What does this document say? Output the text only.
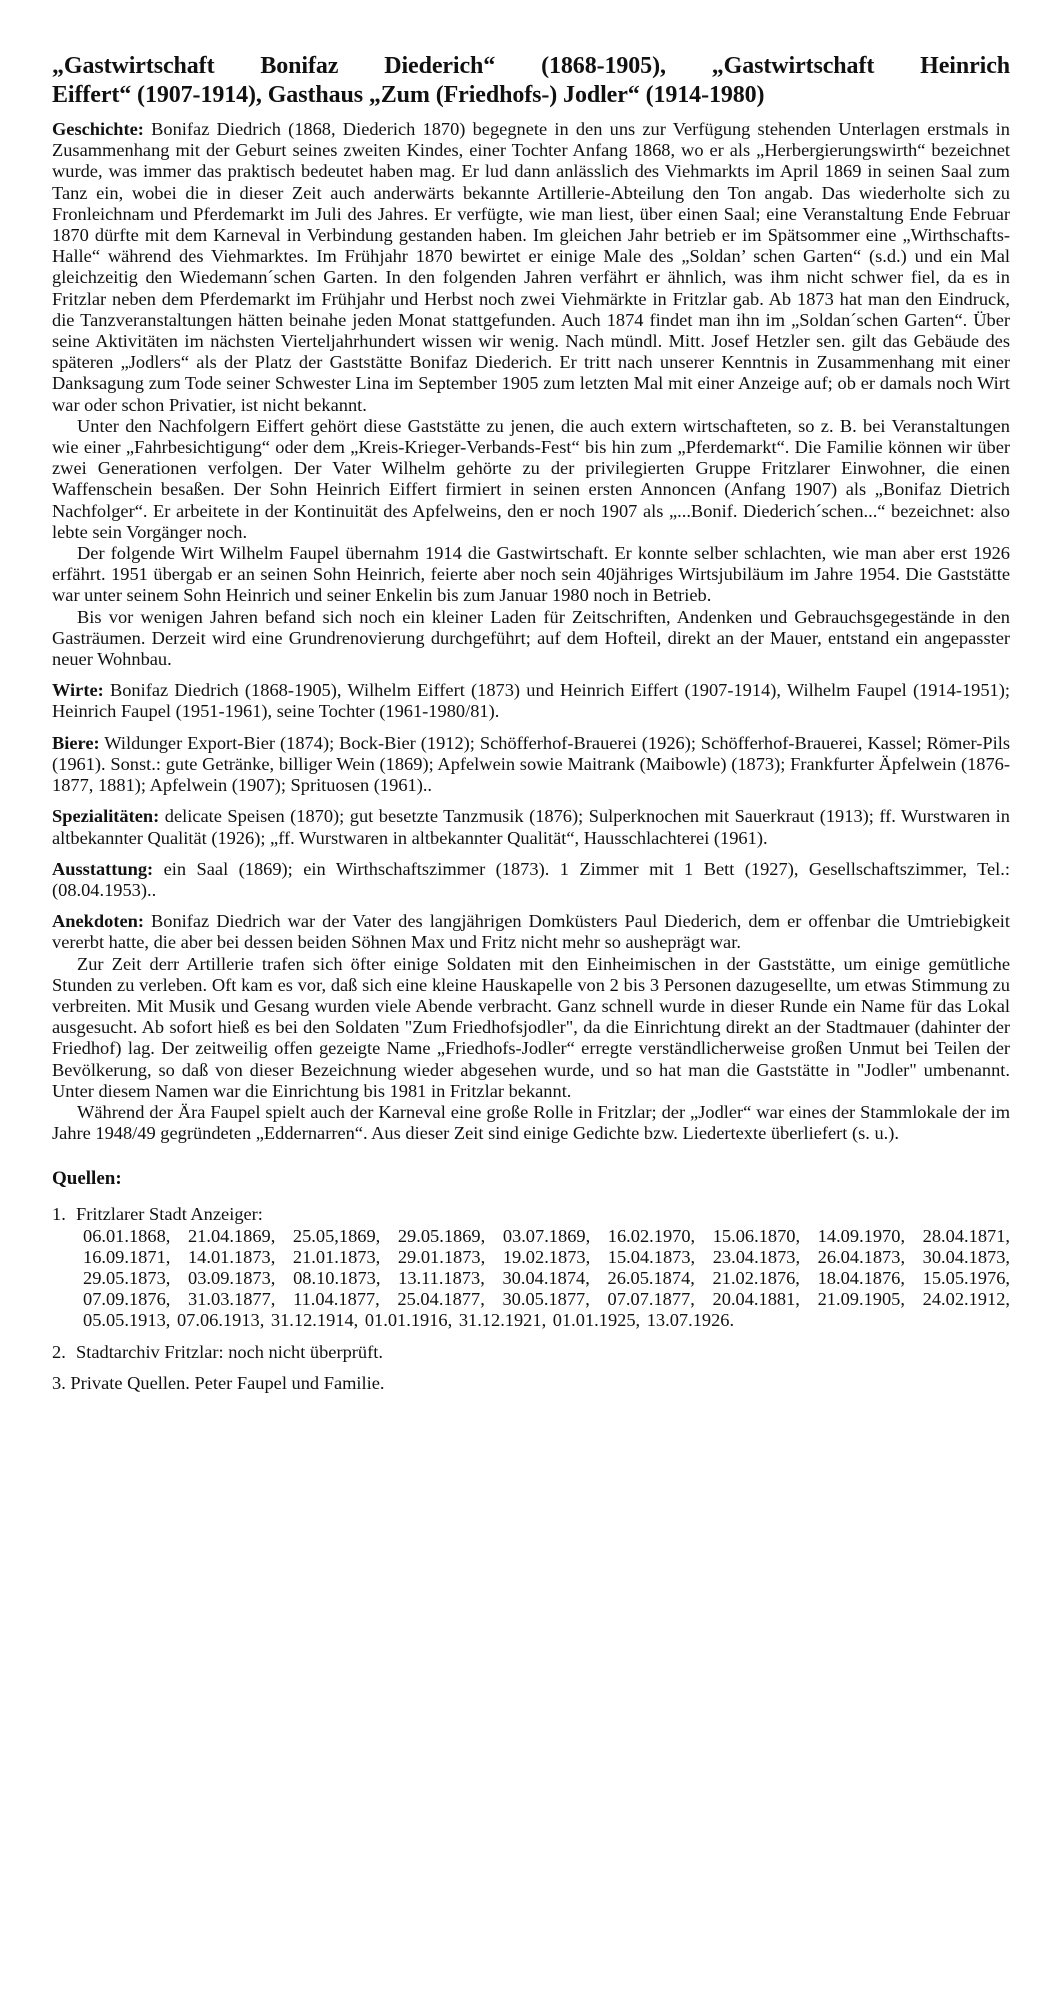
„Gastwirtschaft Bonifaz Diederich“ (1868-1905), „Gastwirtschaft Heinrich
Eiffert“ (1907-1914), Gasthaus „Zum (Friedhofs-) Jodler“ (1914-1980)

Geschichte: Bonifaz Diedrich (1868, Diederich 1870) begegnete in den uns zur Verfügung stehenden Unterlagen erstmals in Zusammenhang mit der Geburt seines zweiten Kindes, einer Tochter Anfang 1868, wo er als „Herbergierungswirth“ bezeichnet wurde, was immer das praktisch bedeutet haben mag. Er lud dann anlässlich des Viehmarkts im April 1869 in seinen Saal zum Tanz ein, wobei die in dieser Zeit auch anderwärts bekannte Artillerie-Abteilung den Ton angab. Das wiederholte sich zu Fronleichnam und Pferdemarkt im Juli des Jahres. Er verfügte, wie man liest, über einen Saal; eine Veranstaltung Ende Februar 1870 dürfte mit dem Karneval in Verbindung gestanden haben. Im gleichen Jahr betrieb er im Spätsommer eine „Wirthschafts-Halle“ während des Viehmarktes. Im Frühjahr 1870 bewirtet er einige Male des „Soldan’ schen Garten“ (s.d.) und ein Mal gleichzeitig den Wiedemann´schen Garten. In den folgenden Jahren verfährt er ähnlich, was ihm nicht schwer fiel, da es in Fritzlar neben dem Pferdemarkt im Frühjahr und Herbst noch zwei Viehmärkte in Fritzlar gab. Ab 1873 hat man den Eindruck, die Tanzveranstaltungen hätten beinahe jeden Monat stattgefunden. Auch 1874 findet man ihn im „Soldan´schen Garten“. Über seine Aktivitäten im nächsten Vierteljahrhundert wissen wir wenig. Nach mündl. Mitt. Josef Hetzler sen. gilt das Gebäude des späteren „Jodlers“ als der Platz der Gaststätte Bonifaz Diederich. Er tritt nach unserer Kenntnis in Zusammenhang mit einer Danksagung zum Tode seiner Schwester Lina im September 1905 zum letzten Mal mit einer Anzeige auf; ob er damals noch Wirt war oder schon Privatier, ist nicht bekannt.

Unter den Nachfolgern Eiffert gehört diese Gaststätte zu jenen, die auch extern wirtschafteten, so z. B. bei Veranstaltungen wie einer „Fahrbesichtigung“ oder dem „Kreis-Krieger-Verbands-Fest“ bis hin zum „Pferdemarkt“. Die Familie können wir über zwei Generationen verfolgen. Der Vater Wilhelm gehörte zu der privilegierten Gruppe Fritzlarer Einwohner, die einen Waffenschein besaßen. Der Sohn Heinrich Eiffert firmiert in seinen ersten Annoncen (Anfang 1907) als „Bonifaz Dietrich Nachfolger“. Er arbeitete in der Kontinuität des Apfelweins, den er noch 1907 als „...Bonif. Diederich´schen...“ bezeichnet: also lebte sein Vorgänger noch.

Der folgende Wirt Wilhelm Faupel übernahm 1914 die Gastwirtschaft. Er konnte selber schlachten, wie man aber erst 1926 erfährt. 1951 übergab er an seinen Sohn Heinrich, feierte aber noch sein 40jähriges Wirtsjubiläum im Jahre 1954. Die Gaststätte war unter seinem Sohn Heinrich und seiner Enkelin bis zum Januar 1980 noch in Betrieb.

Bis vor wenigen Jahren befand sich noch ein kleiner Laden für Zeitschriften, Andenken und Gebrauchsgegestände in den Gasträumen. Derzeit wird eine Grundrenovierung durchgeführt; auf dem Hofteil, direkt an der Mauer, entstand ein angepasster neuer Wohnbau.

Wirte: Bonifaz Diedrich (1868-1905), Wilhelm Eiffert (1873) und Heinrich Eiffert (1907-1914), Wilhelm Faupel (1914-1951); Heinrich Faupel (1951-1961), seine Tochter (1961-1980/81).

Biere: Wildunger Export-Bier (1874); Bock-Bier (1912); Schöfferhof-Brauerei (1926); Schöfferhof-Brauerei, Kassel; Römer-Pils (1961). Sonst.: gute Getränke, billiger Wein (1869); Apfelwein sowie Maitrank (Maibowle) (1873); Frankfurter Äpfelwein (1876-1877, 1881); Apfelwein (1907); Sprituosen (1961)..

Spezialitäten: delicate Speisen (1870); gut besetzte Tanzmusik (1876); Sulperknochen mit Sauerkraut (1913); ff. Wurstwaren in altbekannter Qualität (1926); „ff. Wurstwaren in altbekannter Qualität“, Hausschlachterei (1961).

Ausstattung: ein Saal (1869); ein Wirthschaftszimmer (1873). 1 Zimmer mit 1 Bett (1927), Gesellschaftszimmer, Tel.: (08.04.1953)..

Anekdoten: Bonifaz Diedrich war der Vater des langjährigen Domküsters Paul Diederich, dem er offenbar die Umtriebigkeit vererbt hatte, die aber bei dessen beiden Söhnen Max und Fritz nicht mehr so ausheprägt war.

Zur Zeit derr Artillerie trafen sich öfter einige Soldaten mit den Einheimischen in der Gaststätte, um einige gemütliche Stunden zu verleben. Oft kam es vor, daß sich eine kleine Hauskapelle von 2 bis 3 Personen dazugesellte, um etwas Stimmung zu verbreiten. Mit Musik und Gesang wurden viele Abende verbracht. Ganz schnell wurde in dieser Runde ein Name für das Lokal ausgesucht. Ab sofort hieß es bei den Soldaten "Zum Friedhofsjodler", da die Einrichtung direkt an der Stadtmauer (dahinter der Friedhof) lag. Der zeitweilig offen gezeigte Name „Friedhofs-Jodler“ erregte verständlicherweise großen Unmut bei Teilen der Bevölkerung, so daß von dieser Bezeichnung wieder abgesehen wurde, und so hat man die Gaststätte in "Jodler" umbenannt. Unter diesem Namen war die Einrichtung bis 1981 in Fritzlar bekannt.

Während der Ära Faupel spielt auch der Karneval eine große Rolle in Fritzlar; der „Jodler“ war eines der Stammlokale der im Jahre 1948/49 gegründeten „Eddernarren“. Aus dieser Zeit sind einige Gedichte bzw. Liedertexte überliefert (s. u.).

Quellen:
1. Fritzlarer Stadt Anzeiger:
06.01.1868, 21.04.1869, 25.05,1869, 29.05.1869, 03.07.1869, 16.02.1970, 15.06.1870, 14.09.1970, 28.04.1871, 16.09.1871, 14.01.1873, 21.01.1873, 29.01.1873, 19.02.1873, 15.04.1873, 23.04.1873, 26.04.1873, 30.04.1873, 29.05.1873, 03.09.1873, 08.10.1873, 13.11.1873, 30.04.1874, 26.05.1874, 21.02.1876, 18.04.1876, 15.05.1976, 07.09.1876, 31.03.1877, 11.04.1877, 25.04.1877, 30.05.1877, 07.07.1877, 20.04.1881, 21.09.1905, 24.02.1912, 05.05.1913, 07.06.1913, 31.12.1914, 01.01.1916, 31.12.1921, 01.01.1925, 13.07.1926.
2. Stadtarchiv Fritzlar: noch nicht überprüft.
3. Private Quellen. Peter Faupel und Familie.
